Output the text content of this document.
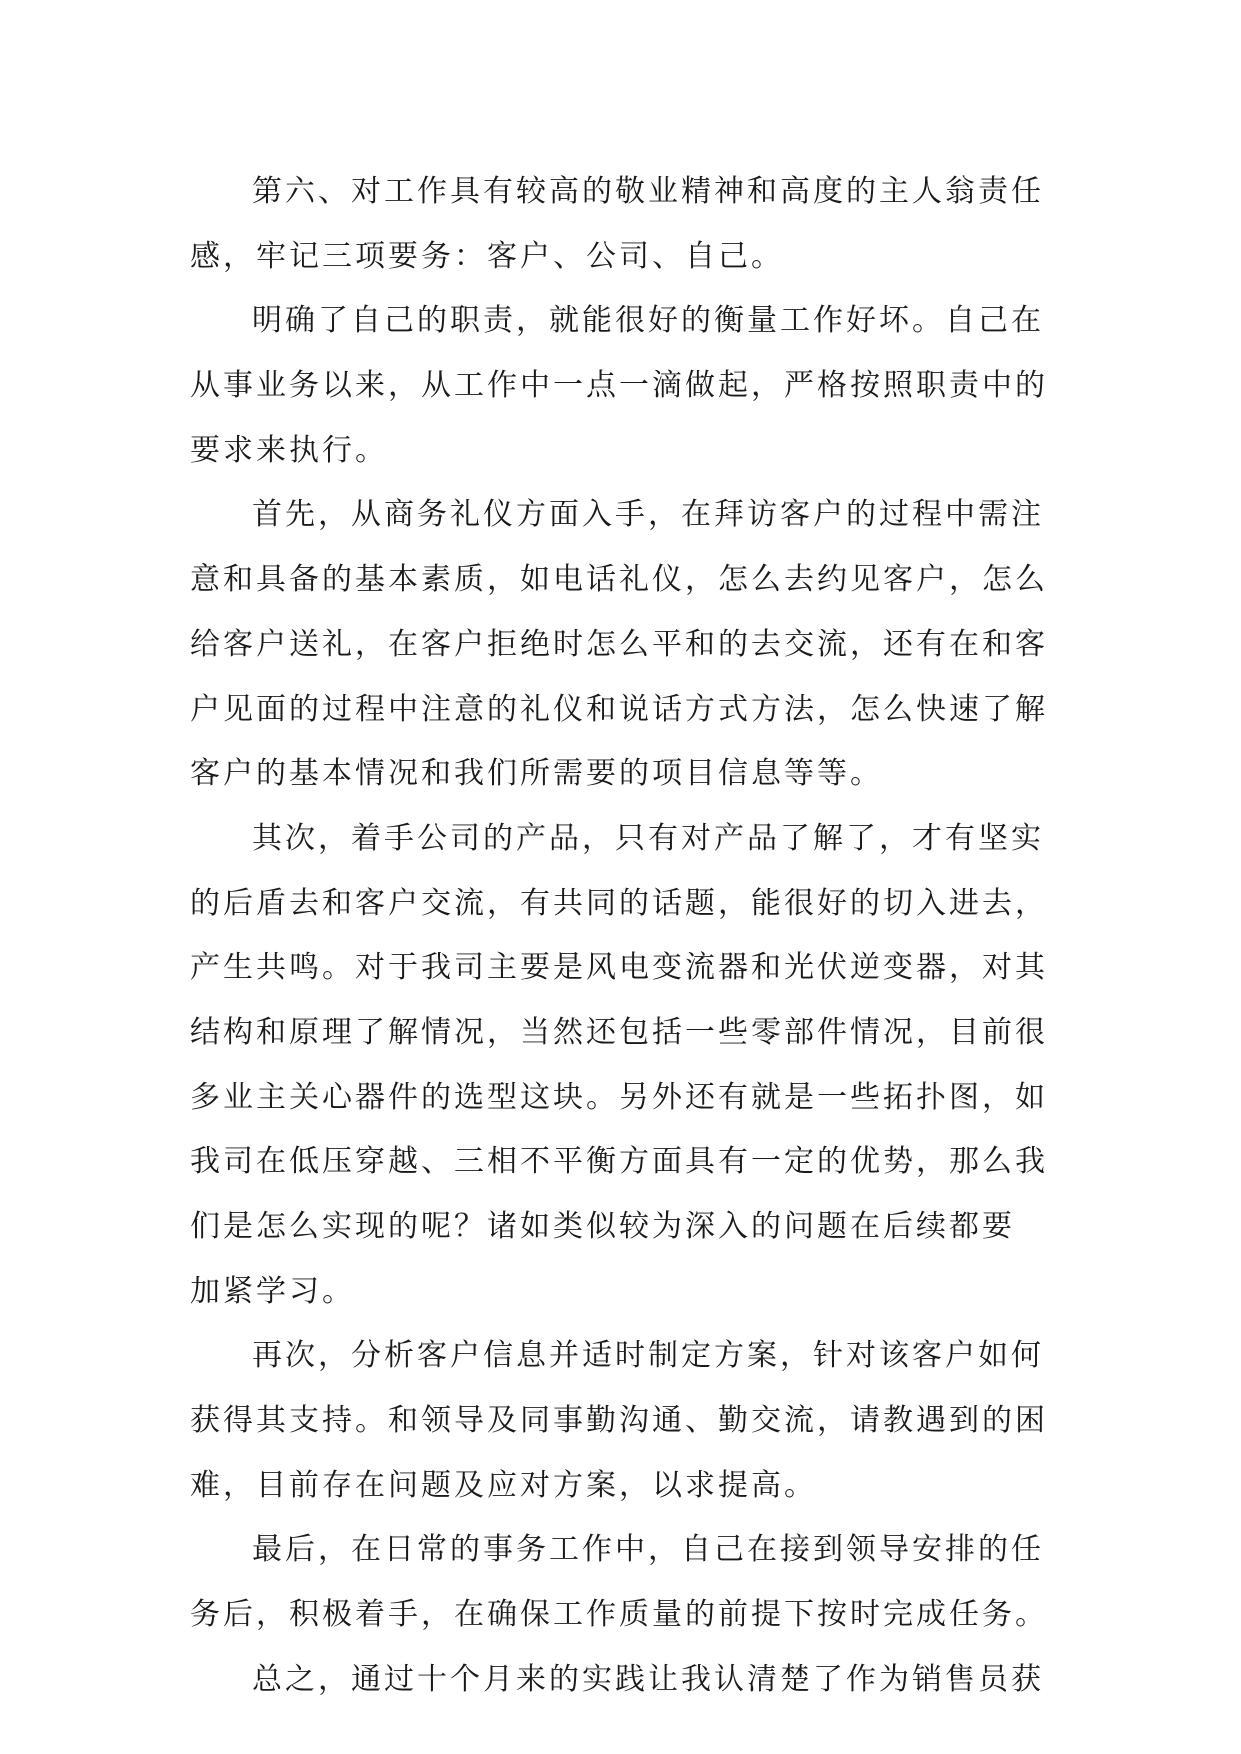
第六、对工作具有较高的敬业精神和高度的主人翁责任
感，牢记三项要务：客户、公司、自己。
明确了自己的职责，就能很好的衡量工作好坏。自己在
从事业务以来，从工作中一点一滴做起，严格按照职责中的
要求来执行。
首先，从商务礼仪方面入手，在拜访客户的过程中需注
意和具备的基本素质，如电话礼仪，怎么去约见客户，怎么
给客户送礼，在客户拒绝时怎么平和的去交流，还有在和客
户见面的过程中注意的礼仪和说话方式方法，怎么快速了解
客户的基本情况和我们所需要的项目信息等等。
其次，着手公司的产品，只有对产品了解了，才有坚实
的后盾去和客户交流，有共同的话题，能很好的切入进去，
产生共鸣。对于我司主要是风电变流器和光伏逆变器，对其
结构和原理了解情况，当然还包括一些零部件情况，目前很
多业主关心器件的选型这块。另外还有就是一些拓扑图，如
我司在低压穿越、三相不平衡方面具有一定的优势，那么我
们是怎么实现的呢？诸如类似较为深入的问题在后续都要
加紧学习。
再次，分析客户信息并适时制定方案，针对该客户如何
获得其支持。和领导及同事勤沟通、勤交流，请教遇到的困
难，目前存在问题及应对方案，以求提高。
最后，在日常的事务工作中，自己在接到领导安排的任
务后，积极着手，在确保工作质量的前提下按时完成任务。
总之，通过十个月来的实践让我认清楚了作为销售员获
